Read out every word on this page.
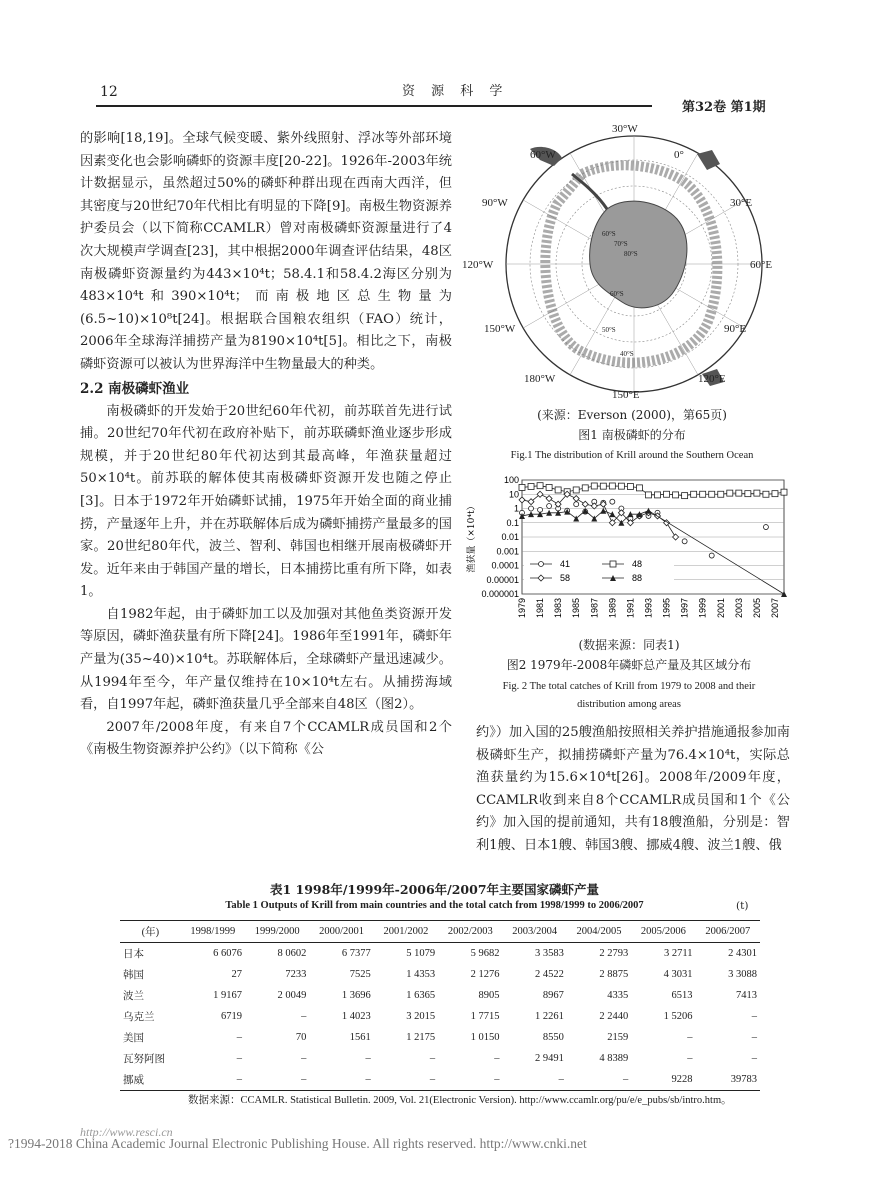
12	资 源 科 学
第32卷 第1期

的影响[18,19]。全球气候变暖、紫外线照射、浮冰等外部环境因素变化也会影响磷虾的资源丰度[20-22]。1926年-2003年统计数据显示，虽然超过50%的磷虾种群出现在西南大西洋，但其密度与20世纪70年代相比有明显的下降[9]。南极生物资源养护委员会（以下简称CCAMLR）曾对南极磷虾资源量进行了4次大规模声学调查[23]，其中根据2000年调查评估结果，48区南极磷虾资源量约为443×10⁴t；58.4.1和58.4.2海区分别为483×10⁴t和390×10⁴t；而南极地区总生物量为(6.5~10)×10⁸t[24]。根据联合国粮农组织（FAO）统计，2006年全球海洋捕捞产量为8190×10⁴t[5]。相比之下，南极磷虾资源可以被认为世界海洋中生物量最大的种类。

2.2 南极磷虾渔业

南极磷虾的开发始于20世纪60年代初，前苏联首先进行试捕。20世纪70年代初在政府补贴下，前苏联磷虾渔业逐步形成规模，并于20世纪80年代初达到其最高峰，年渔获量超过50×10⁴t。前苏联的解体使其南极磷虾资源开发也随之停止[3]。日本于1972年开始磷虾试捕，1975年开始全面的商业捕捞，产量逐年上升，并在苏联解体后成为磷虾捕捞产量最多的国家。20世纪80年代，波兰、智利、韩国也相继开展南极磷虾开发。近年来由于韩国产量的增长，日本捕捞比重有所下降，如表1。

自1982年起，由于磷虾加工以及加强对其他鱼类资源开发等原因，磷虾渔获量有所下降[24]。1986年至1991年，磷虾年产量为(35~40)×10⁴t。苏联解体后，全球磷虾产量迅速减少。从1994年至今，年产量仅维持在10×10⁴t左右。从捕捞海域看，自1997年起，磷虾渔获量几乎全部来自48区（图2）。

2007年/2008年度，有来自7个CCAMLR成员国和2个《南极生物资源养护公约》（以下简称《公

30°W
0°
60°W
30°E
90°W
60°E
120°W
90°E
150°W
120°E
180°W
150°E
60°S
70°S
80°S
60°S
50°S
40°S
(来源：Everson (2000)，第65页)
图1 南极磷虾的分布
Fig.1 The distribution of Krill around the Southern Ocean
100
10
1
0.1
0.01
0.001
0.0001
0.00001
0.000001
1979 1981 1983 1985 1987 1989 1991 1993 1995 1997 1999 2001 2003 2005 2007
渔获量（×10⁴t）	41	48
58	88
(数据来源：同表1)
图2 1979年-2008年磷虾总产量及其区域分布
Fig. 2 The total catches of Krill from 1979 to 2008 and their
distribution among areas
约》）加入国的25艘渔船按照相关养护措施通报参加南极磷虾生产，拟捕捞磷虾产量为76.4×10⁴t，实际总渔获量约为15.6×10⁴t[26]。2008年/2009年度，CCAMLR收到来自8个CCAMLR成员国和1个《公约》加入国的提前通知，共有18艘渔船，分别是：智利1艘、日本1艘、韩国3艘、挪威4艘、波兰1艘、俄
表1 1998年/1999年-2006年/2007年主要国家磷虾产量
Table 1 Outputs of Krill from main countries and the total catch from 1998/1999 to 2006/2007	(t)
(年)	1998/1999	1999/2000	2000/2001	2001/2002	2002/2003	2003/2004	2004/2005	2005/2006	2006/2007
日本	6 6076	8 0602	6 7377	5 1079	5 9682	3 3583	2 2793	3 2711	2 4301
韩国	27	7233	7525	1 4353	2 1276	2 4522	2 8875	4 3031	3 3088
波兰	1 9167	2 0049	1 3696	1 6365	8905	8967	4335	6513	7413
乌克兰	6719	–	1 4023	3 2015	1 7715	1 2261	2 2440	1 5206	–
美国	–	70	1561	1 2175	1 0150	8550	2159	–	–
瓦努阿图	–	–	–	–	–	2 9491	4 8389	–	–
挪威	–	–	–	–	–	–	–	9228	39783
数据来源：CCAMLR. Statistical Bulletin. 2009, Vol. 21(Electronic Version). http://www.ccamlr.org/pu/e/e_pubs/sb/intro.htm。
http://www.resci.cn
?1994-2018 China Academic Journal Electronic Publishing House. All rights reserved. http://www.cnki.net
